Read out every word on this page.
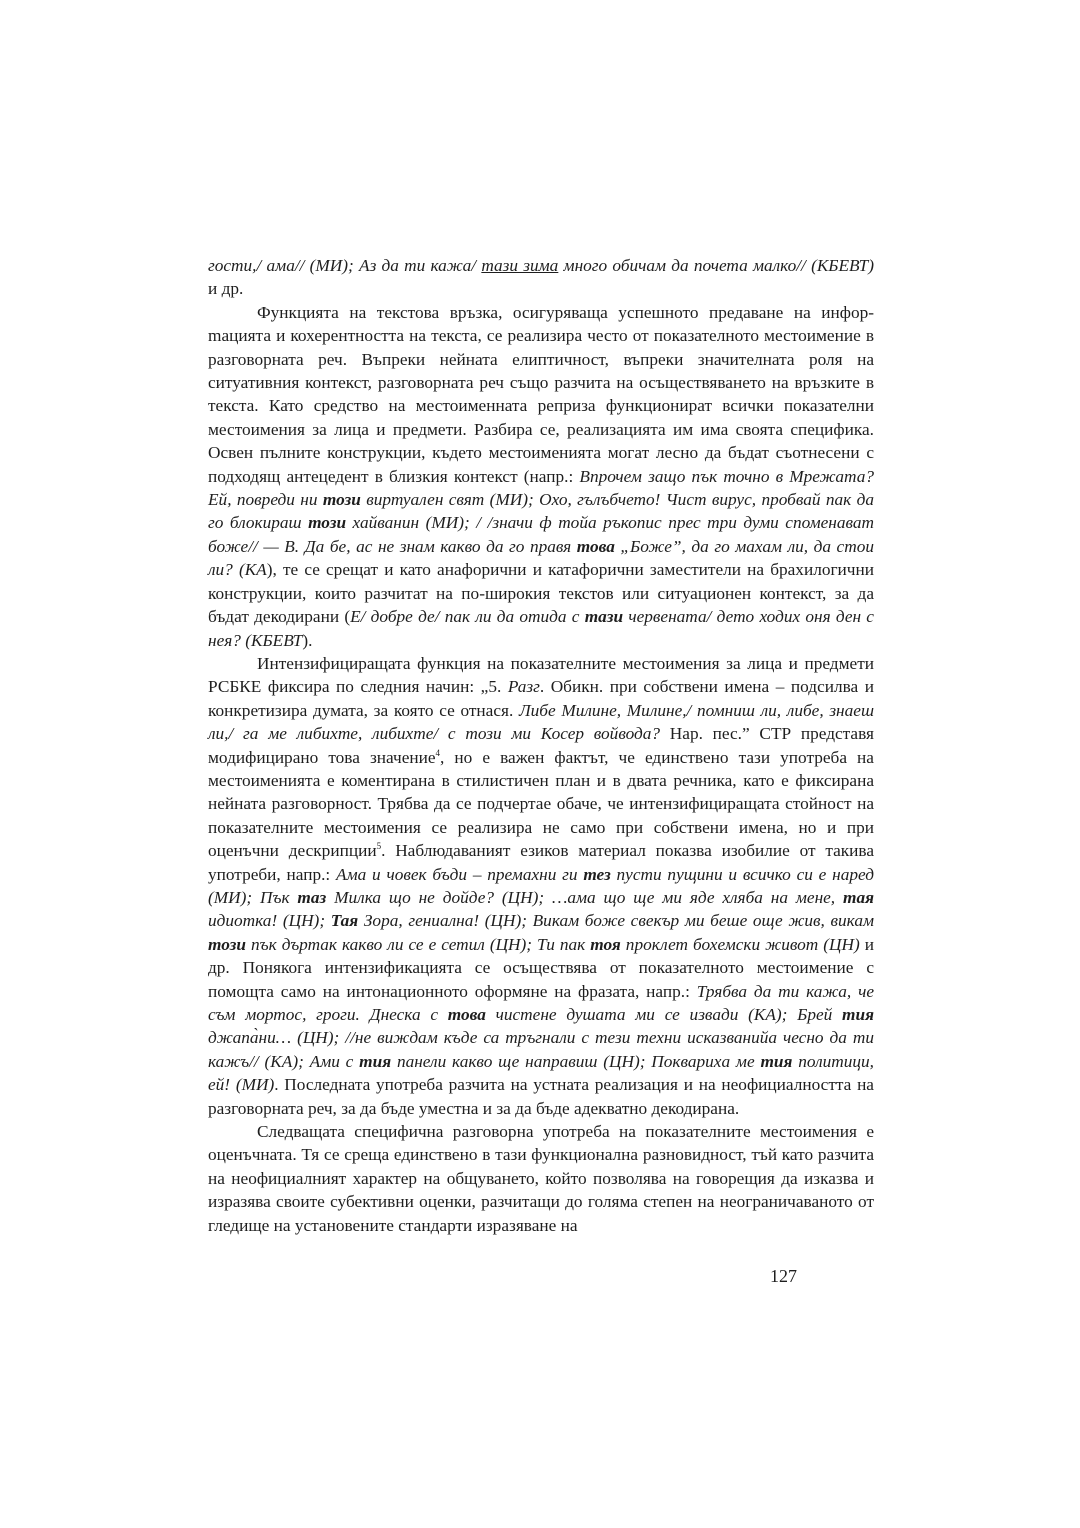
гости,/ ама// (МИ); Аз да ти кажа/ тази зима много обичам да почета малко// (КБЕВТ) и др.

Функцията на текстова връзка, осигуряваща успешното предаване на инфорmацията и кохерентността на текста, се реализира често от показателното местоимение в разговорната реч. Въпреки нейната елиптичност, въпреки значителната роля на ситуативния контекст, разговорната реч също разчита на осъществяването на връзките в текста. Като средство на местоименната реприза функционират всички показателни местоимения за лица и предмети. Разбира се, реализацията им има своята специфика. Освен пълните конструкции, където местоименията могат лесно да бъдат съотнесени с подходящ антецедент в близкия контекст (напр.: Впрочем защо пък точно в Мрежата? Ей, повреди ни този виртуален свят (МИ); Охо, гълъбчето! Чист вирус, пробвай пак да го блокираш този хайванин (МИ); / /значи ф тойа ръкопис прес три думи споменават боже// — В. Да бе, ас не знам какво да го правя това „Боже”, да го махам ли, да стои ли? (КА), те се срещат и като анафорични и катафорични заместители на брахилогични конструкции, които разчитат на по-широкия текстов или ситуационен контекст, за да бъдат декодирани (Е/ добре де/ пак ли да отида с тази червената/ дето ходих оня ден с нея? (КБЕВТ).

Интензифициращата функция на показателните местоимения за лица и предмети РСБКЕ фиксира по следния начин: „5. Разг. Обикн. при собствени имена – подсилва и конкретизира думата, за която се отнася. Либе Милине, Милине,/ помниш ли, либе, знаеш ли,/ га ме либихте, либихте/ с този ми Косер войвода? Нар. пес.” СТР представя модифицирано това значение$^4$, но е важен фактът, че единствено тази употреба на местоименията е коментирана в стилистичен план и в двата речника, като е фиксирана нейната разговорност. Трябва да се подчертае обаче, че интензифициращата стойност на показателните местоимения се реализира не само при собствени имена, но и при оценъчни дескрипции$^5$. Наблюдаваният езиков материал показва изобилие от такива употреби, напр.: Ама и човек бъди – премахни ги тез пусти пущини и всичко си е наред (МИ); Пък таз Милка що не дойде? (ЦН); …ама що ще ми яде хляба на мене, тая идиотка! (ЦН); Тая Зора, гениална! (ЦН); Викам боже свекър ми беше още жив, викам този пък дъртак какво ли се е сетил (ЦН); Ти пак тоя проклет бохемски живот (ЦН) и др. Понякога интензификацията се осъществява от показателното местоимение с помощта само на интонационното оформяне на фразата, напр.: Трябва да ти кажа, че съм мортос, гроги. Днеска с това чистене душата ми се извади (КА); Брей тия джапа̀ни… (ЦН); //не виждам къде са тръгнали с тези техни исказванийа чесно да ти кажъ// (КА); Ами с тия панели какво ще направиш (ЦН); Покварихa ме тия политици, ей! (МИ). Последната употреба разчита на устната реализация и на неофициалността на разговорната реч, за да бъде уместна и за да бъде адекватно декодирана.

Следващата специфична разговорна употреба на показателните местоимения е оценъчната. Тя се среща единствено в тази функционална разновидност, тъй като разчита на неофициалният характер на общуването, който позволява на говорещия да изказва и изразява своите субективни оценки, разчитащи до голяма степен на неограничаваното от гледище на установените стандарти изразяване на

127
